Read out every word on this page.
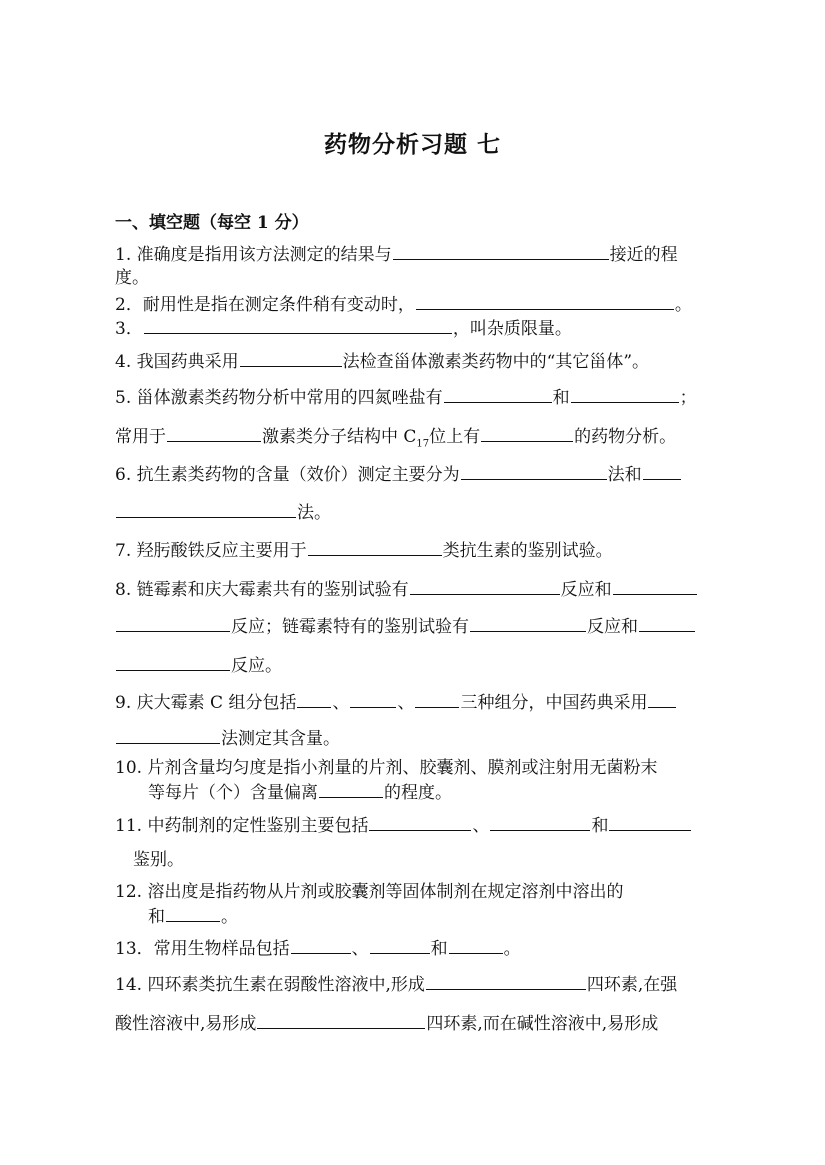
药物分析习题 七
一、填空题（每空 1 分）
1. 准确度是指用该方法测定的结果与	接近的程
度。
2．耐用性是指在测定条件稍有变动时，	。
3．	，叫杂质限量。
4. 我国药典采用	法检查甾体激素类药物中的“其它甾体”。
5. 甾体激素类药物分析中常用的四氮唑盐有	和	；
常用于	激素类分子结构中 $C_{17}$位上有	的药物分析。
6. 抗生素类药物的含量（效价）测定主要分为	法和
法。
7. 羟肟酸铁反应主要用于	类抗生素的鉴别试验。
8. 链霉素和庆大霉素共有的鉴别试验有	反应和
反应；链霉素特有的鉴别试验有	反应和
反应。
9. 庆大霉素 C 组分包括 、	、	三种组分，中国药典采用
法测定其含量。
10. 片剂含量均匀度是指小剂量的片剂、胶囊剂、膜剂或注射用无菌粉末
等每片（个）含量偏离	的程度。
11. 中药制剂的定性鉴别主要包括	、	和
鉴别。
12. 溶出度是指药物从片剂或胶囊剂等固体制剂在规定溶剂中溶出的
和	。
13．常用生物样品包括	、	和	。
14. 四环素类抗生素在弱酸性溶液中,形成	四环素,在强
酸性溶液中,易形成	四环素,而在碱性溶液中,易形成
